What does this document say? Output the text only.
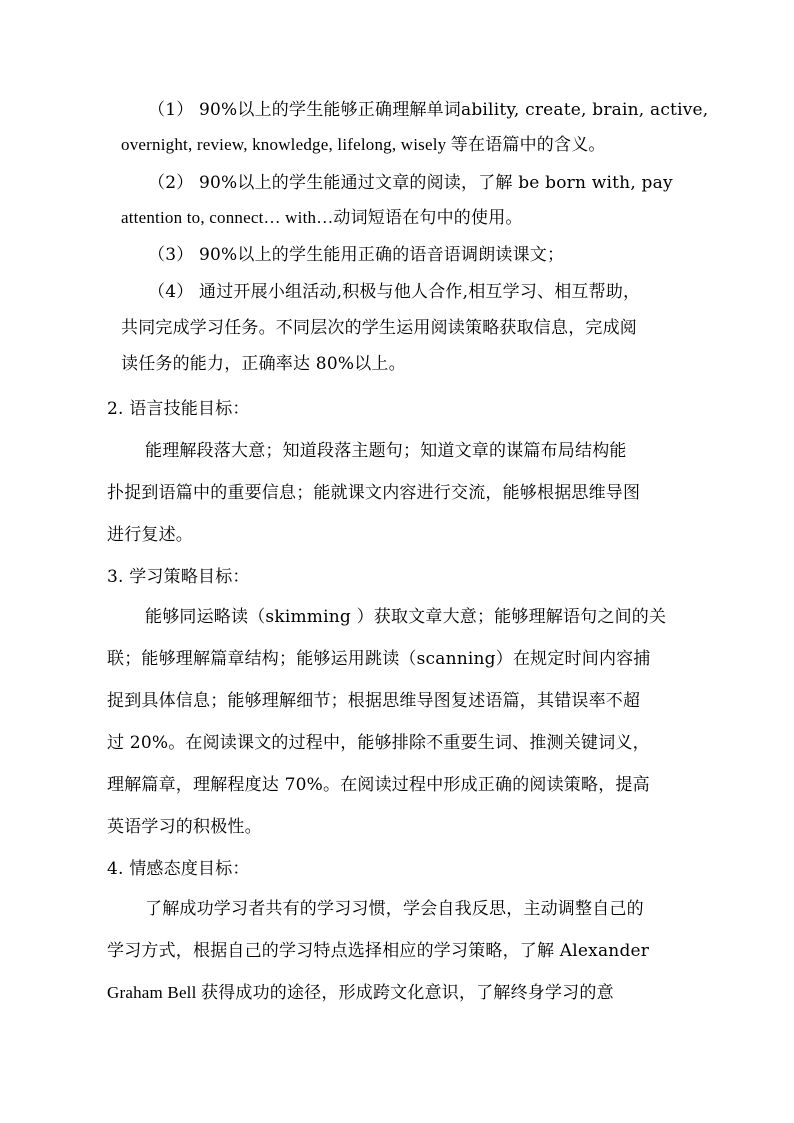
（1） 90%以上的学生能够正确理解单词ability, create, brain, active,
overnight, review, knowledge, lifelong, wisely 等在语篇中的含义。
（2） 90%以上的学生能通过文章的阅读，了解 be born with, pay
attention to, connect… with…动词短语在句中的使用。
（3） 90%以上的学生能用正确的语音语调朗读课文；
（4） 通过开展小组活动,积极与他人合作,相互学习、相互帮助，
共同完成学习任务。不同层次的学生运用阅读策略获取信息，完成阅
读任务的能力，正确率达 80%以上。
2. 语言技能目标：
能理解段落大意；知道段落主题句；知道文章的谋篇布局结构能
扑捉到语篇中的重要信息；能就课文内容进行交流，能够根据思维导图
进行复述。
3. 学习策略目标：
能够同运略读（skimming ）获取文章大意；能够理解语句之间的关
联；能够理解篇章结构；能够运用跳读（scanning）在规定时间内容捕
捉到具体信息；能够理解细节；根据思维导图复述语篇，其错误率不超
过 20%。在阅读课文的过程中，能够排除不重要生词、推测关键词义，
理解篇章，理解程度达 70%。在阅读过程中形成正确的阅读策略，提高
英语学习的积极性。
4. 情感态度目标：
了解成功学习者共有的学习习惯，学会自我反思，主动调整自己的
学习方式，根据自己的学习特点选择相应的学习策略，了解 Alexander
Graham Bell 获得成功的途径，形成跨文化意识，了解终身学习的意
